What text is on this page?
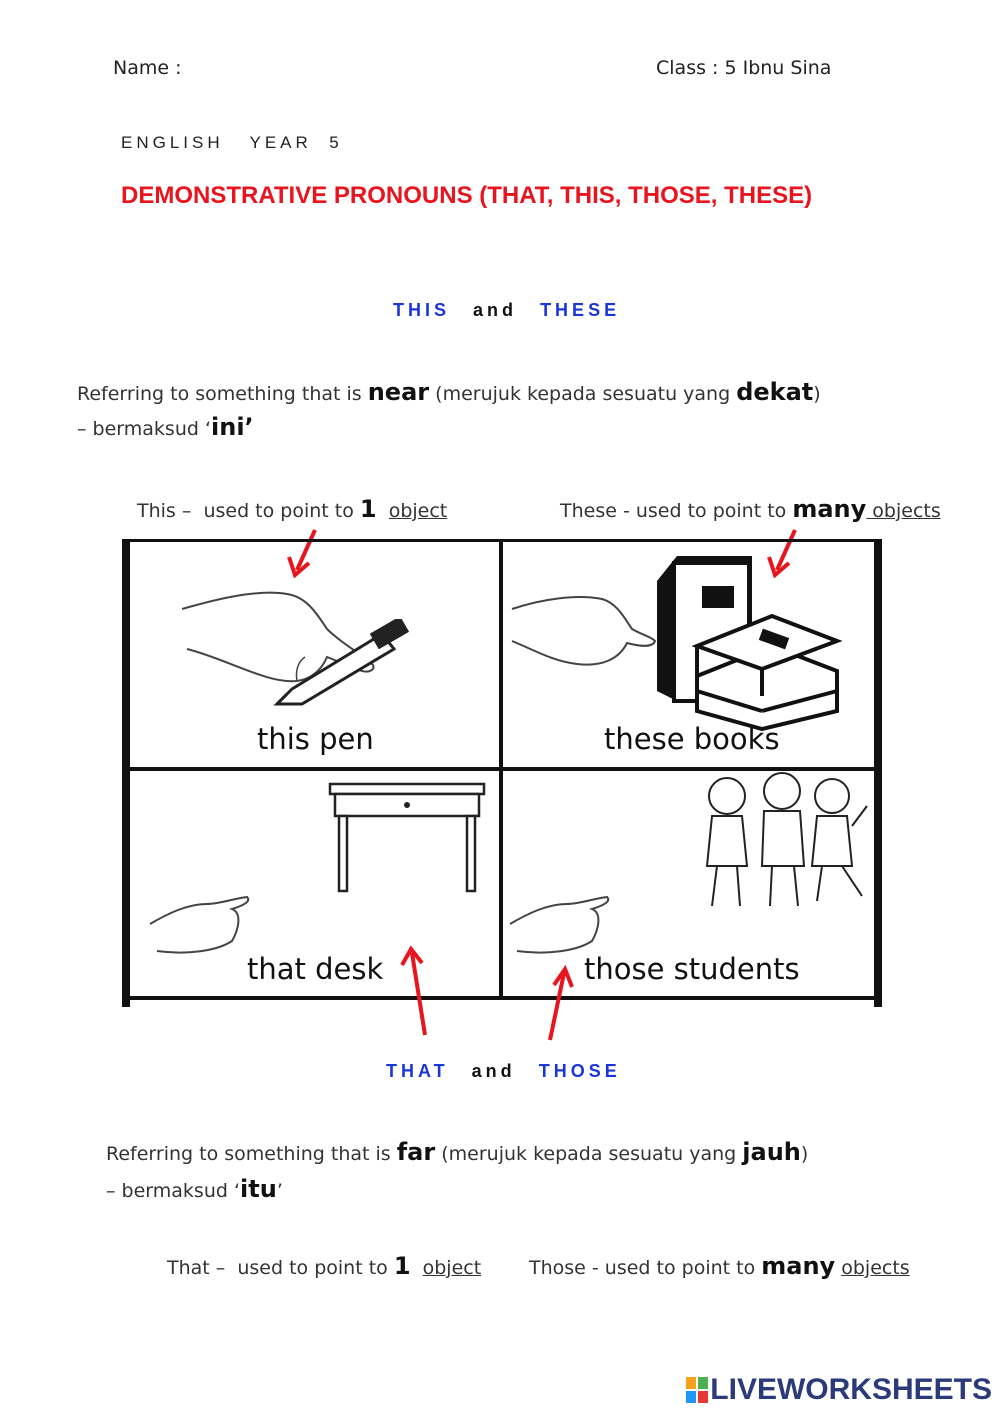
Name :	Class : 5 Ibnu Sina
ENGLISH   YEAR  5
DEMONSTRATIVE PRONOUNS (THAT, THIS, THOSE, THESE)
THIS and THESE
Referring to something that is near (merujuk kepada sesuatu yang dekat)
– bermaksud ‘ini’
This –  used to point to 1 object	These - used to point to many objects
this pen	these books
that desk	those students
THAT and THOSE
Referring to something that is far (merujuk kepada sesuatu yang jauh)
– bermaksud ‘itu’
That –  used to point to 1 object	Those - used to point to many objects
LIVEWORKSHEETS
